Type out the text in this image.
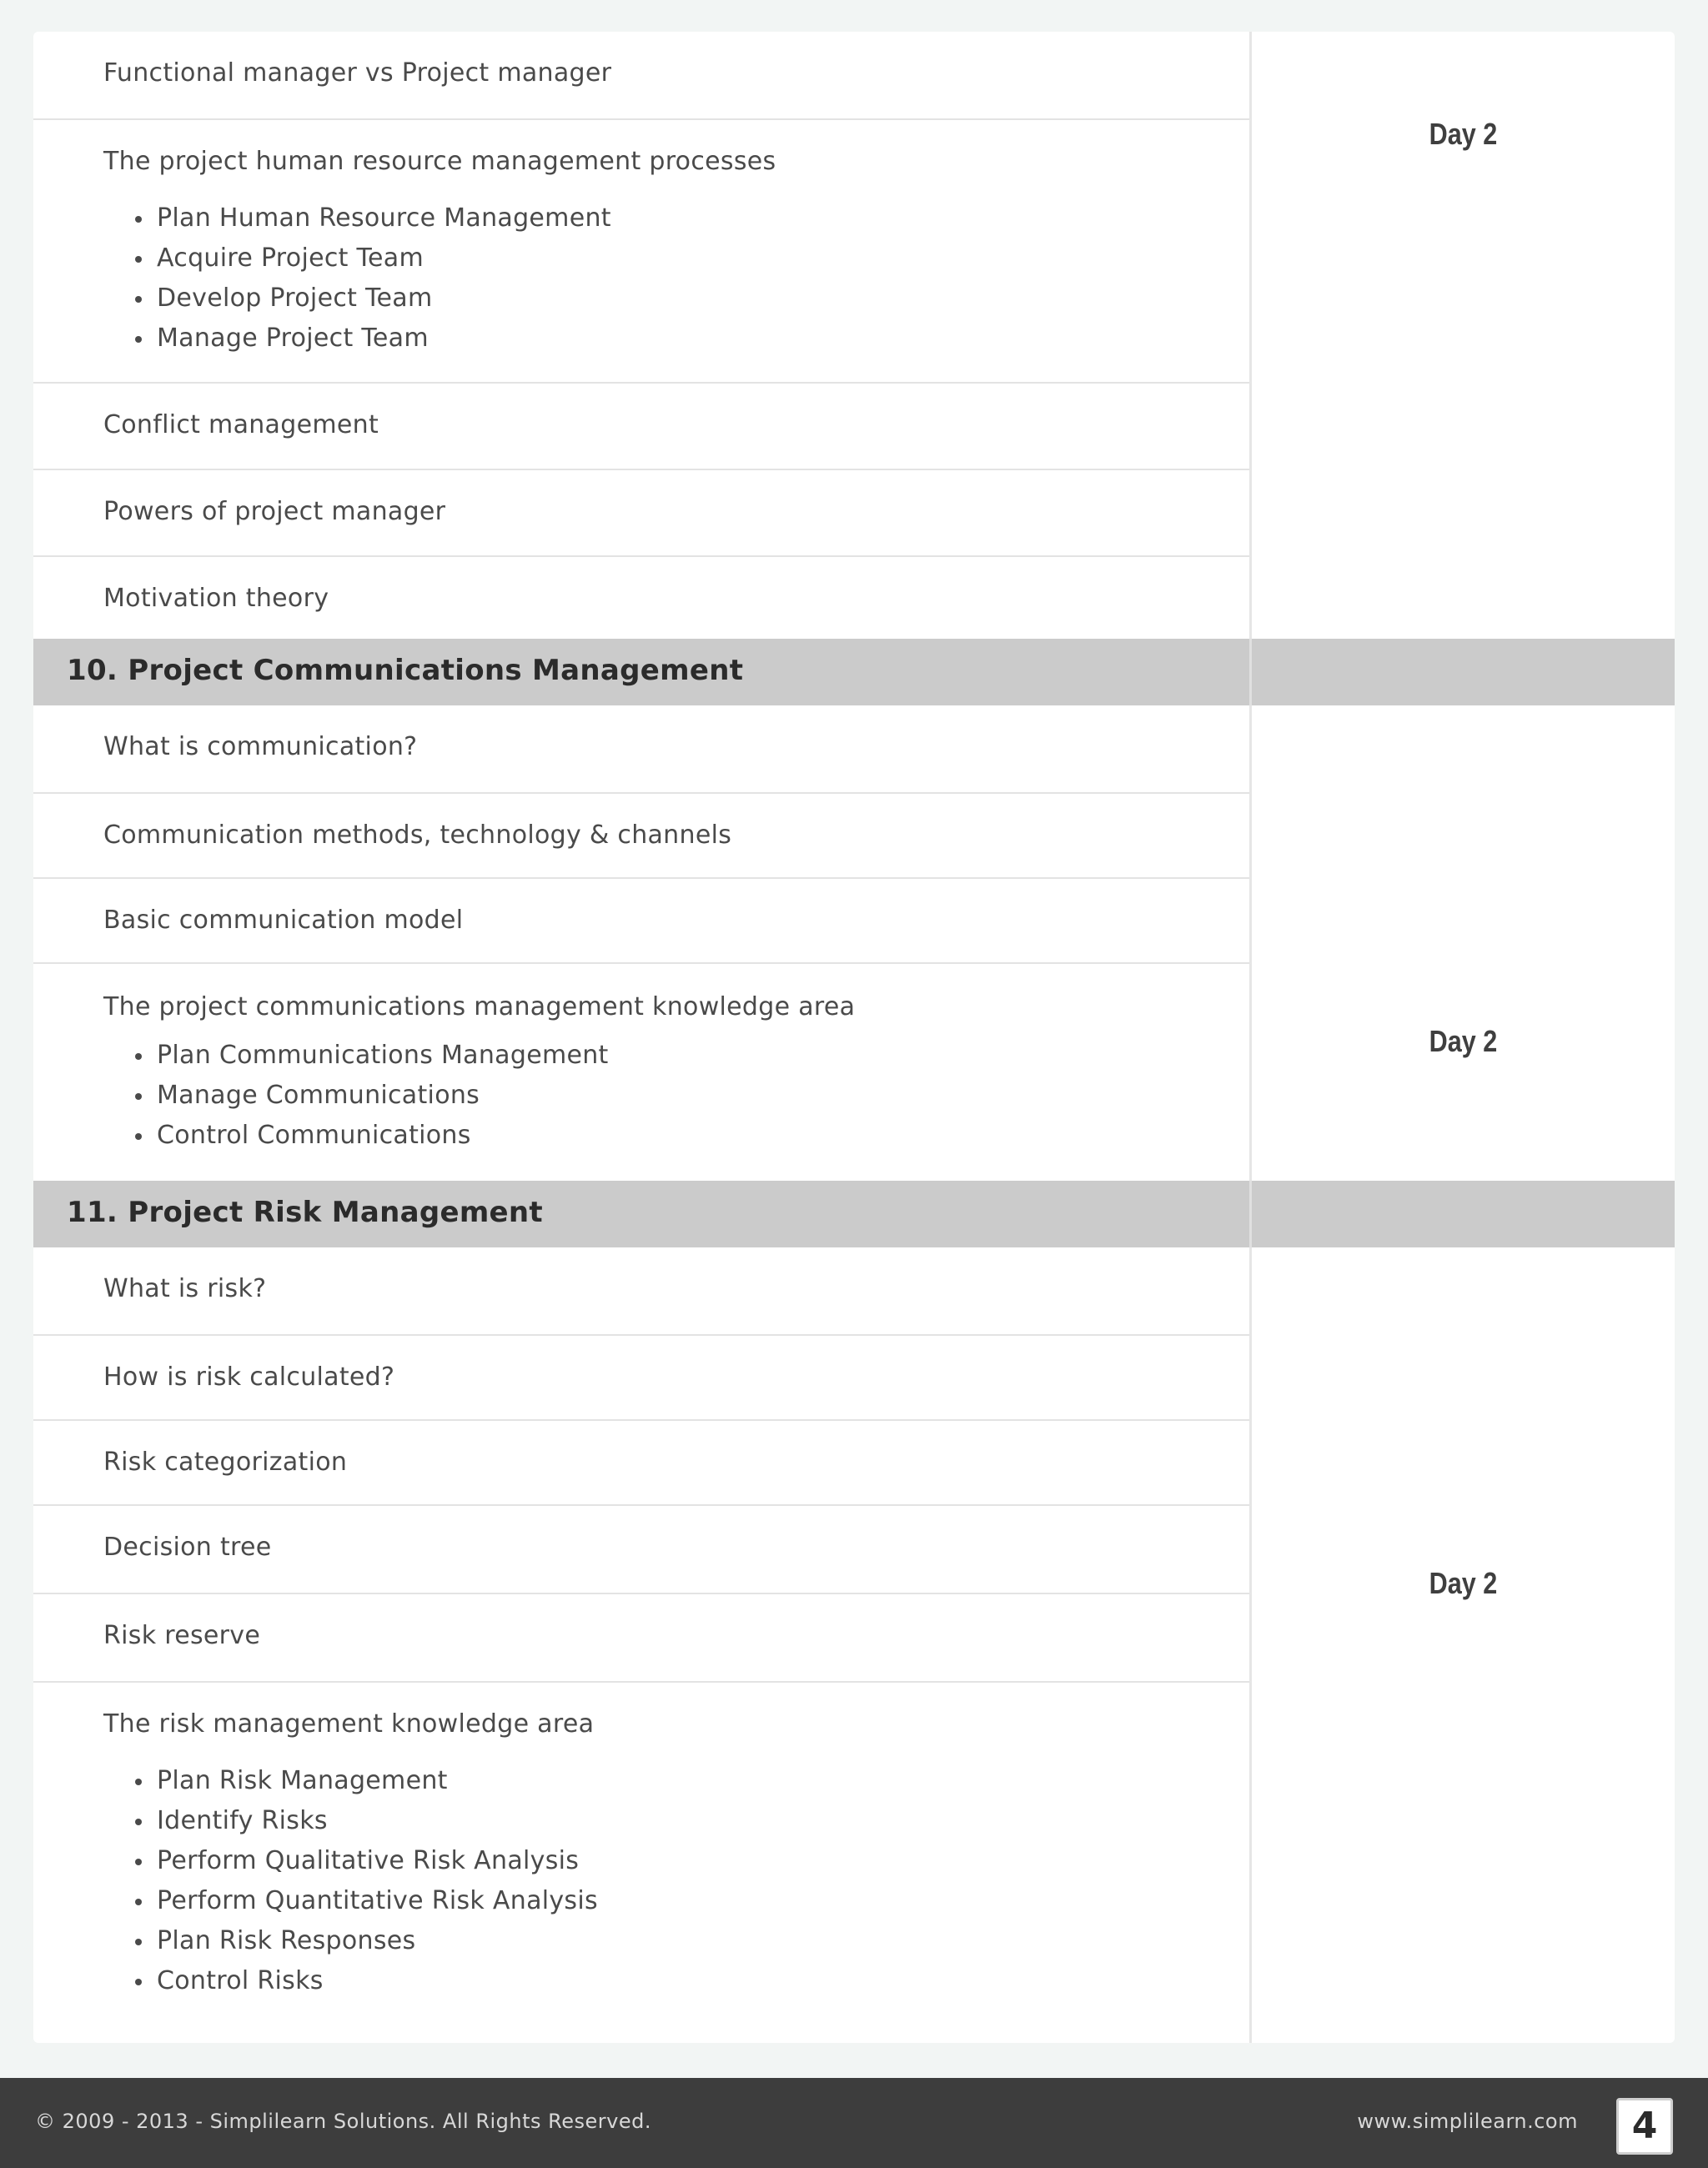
Functional manager vs Project manager
The project human resource management processes
Plan Human Resource Management
Acquire Project Team
Develop Project Team
Manage Project Team
Conflict management
Powers of project manager
Motivation theory
What is communication?
Communication methods, technology & channels
Basic communication model
The project communications management knowledge area
Plan Communications Management
Manage Communications
Control Communications
What is risk?
How is risk calculated?
Risk categorization
Decision tree
Risk reserve
The risk management knowledge area
Plan Risk Management
Identify Risks
Perform Qualitative Risk Analysis
Perform Quantitative Risk Analysis
Plan Risk Responses
Control Risks
10. Project Communications Management
11. Project Risk Management
Day 2
Day 2
Day 2
© 2009 - 2013 - Simplilearn Solutions. All Rights Reserved.	www.simplilearn.com	4
